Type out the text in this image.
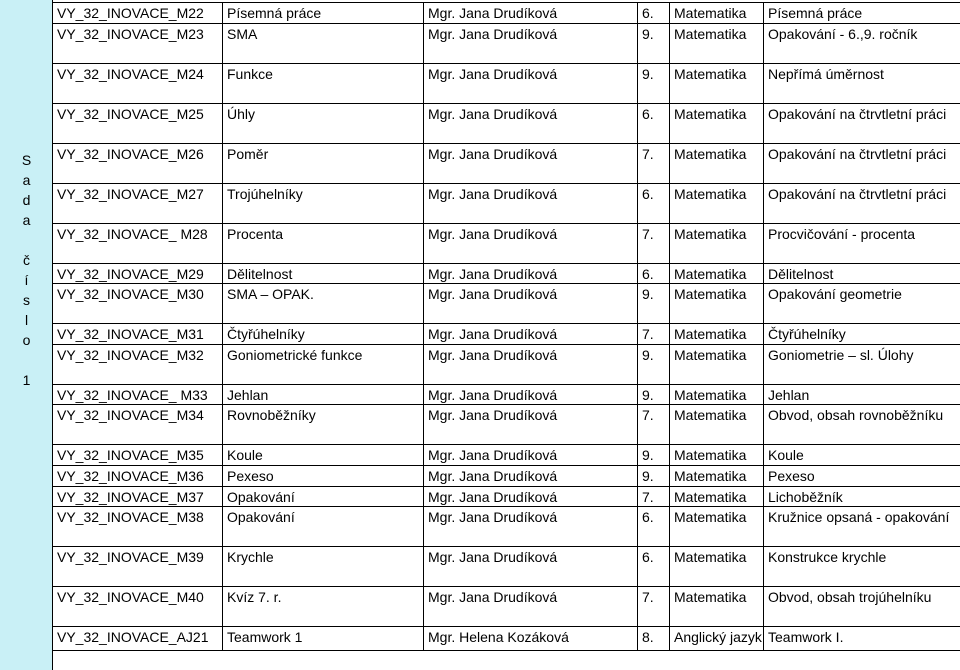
S
a
d
a

č
í
s
l
o

1
VY_32_INOVACE_M22	Písemná práce	Mgr. Jana Drudíková	6.	Matematika	Písemná práce
VY_32_INOVACE_M23	SMA	Mgr. Jana Drudíková	9.	Matematika	Opakování - 6.,9. ročník
VY_32_INOVACE_M24	Funkce	Mgr. Jana Drudíková	9.	Matematika	Nepřímá úměrnost
VY_32_INOVACE_M25	Úhly	Mgr. Jana Drudíková	6.	Matematika	Opakování na čtrvtletní práci
VY_32_INOVACE_M26	Poměr	Mgr. Jana Drudíková	7.	Matematika	Opakování na čtrvtletní práci
VY_32_INOVACE_M27	Trojúhelníky	Mgr. Jana Drudíková	6.	Matematika	Opakování na čtrvtletní práci
VY_32_INOVACE_ M28	Procenta	Mgr. Jana Drudíková	7.	Matematika	Procvičování - procenta
VY_32_INOVACE_M29	Dělitelnost	Mgr. Jana Drudíková	6.	Matematika	Dělitelnost
VY_32_INOVACE_M30	SMA – OPAK.	Mgr. Jana Drudíková	9.	Matematika	Opakování geometrie
VY_32_INOVACE_M31	Čtyřúhelníky	Mgr. Jana Drudíková	7.	Matematika	Čtyřúhelníky
VY_32_INOVACE_M32	Goniometrické funkce	Mgr. Jana Drudíková	9.	Matematika	Goniometrie – sl. Úlohy
VY_32_INOVACE_ M33	Jehlan	Mgr. Jana Drudíková	9.	Matematika	Jehlan
VY_32_INOVACE_M34	Rovnoběžníky	Mgr. Jana Drudíková	7.	Matematika	Obvod, obsah rovnoběžníku
VY_32_INOVACE_M35	Koule	Mgr. Jana Drudíková	9.	Matematika	Koule
VY_32_INOVACE_M36	Pexeso	Mgr. Jana Drudíková	9.	Matematika	Pexeso
VY_32_INOVACE_M37	Opakování	Mgr. Jana Drudíková	7.	Matematika	Lichoběžník
VY_32_INOVACE_M38	Opakování	Mgr. Jana Drudíková	6.	Matematika	Kružnice opsaná - opakování
VY_32_INOVACE_M39	Krychle	Mgr. Jana Drudíková	6.	Matematika	Konstrukce krychle
VY_32_INOVACE_M40	Kvíz 7. r.	Mgr. Jana Drudíková	7.	Matematika	Obvod, obsah trojúhelníku
VY_32_INOVACE_AJ21	Teamwork 1	Mgr. Helena Kozáková	8.	Anglický jazyk	Teamwork I.
